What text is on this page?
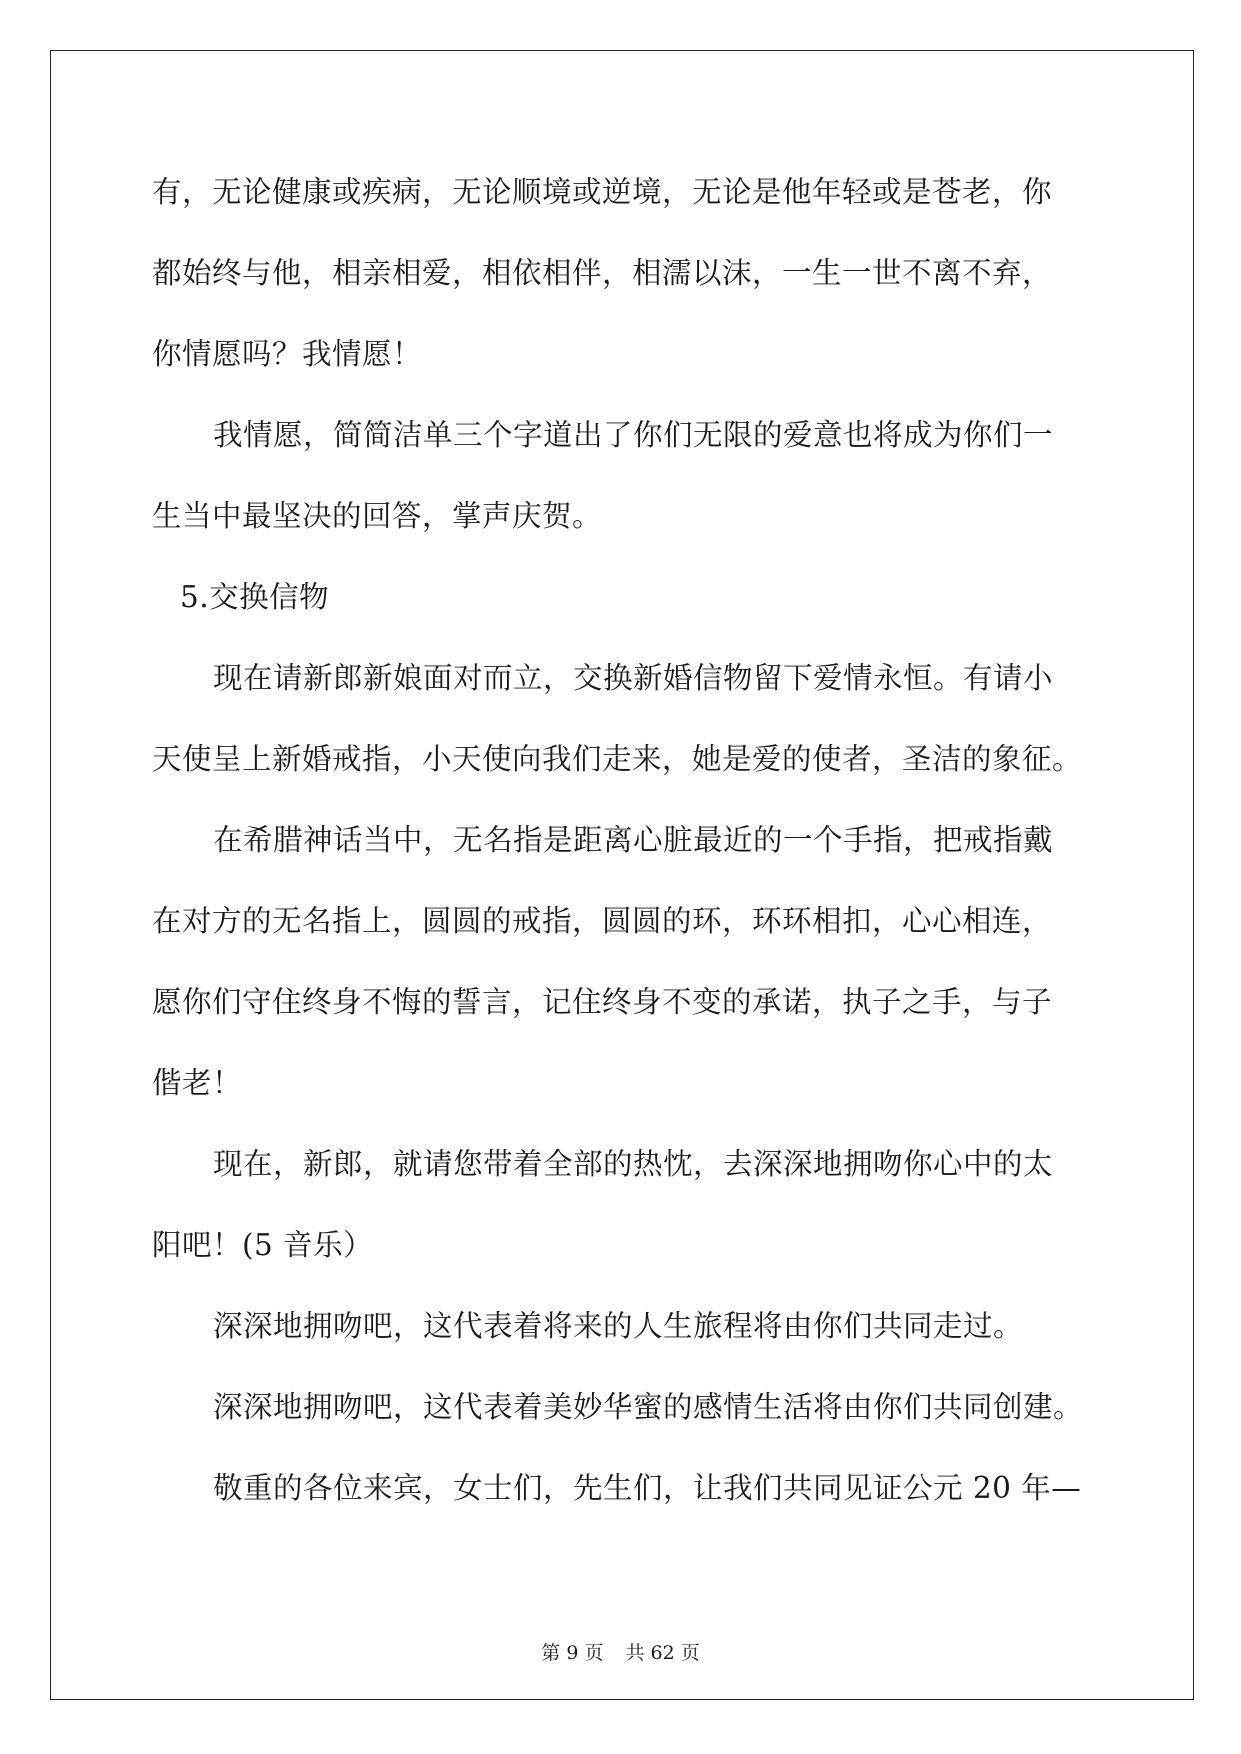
有，无论健康或疾病，无论顺境或逆境，无论是他年轻或是苍老，你
都始终与他，相亲相爱，相依相伴，相濡以沫，一生一世不离不弃，
你情愿吗？我情愿！
我情愿，简简洁单三个字道出了你们无限的爱意也将成为你们一
生当中最坚决的回答，掌声庆贺。
5.交换信物
现在请新郎新娘面对而立，交换新婚信物留下爱情永恒。有请小
天使呈上新婚戒指，小天使向我们走来，她是爱的使者，圣洁的象征。
在希腊神话当中，无名指是距离心脏最近的一个手指，把戒指戴
在对方的无名指上，圆圆的戒指，圆圆的环，环环相扣，心心相连，
愿你们守住终身不悔的誓言，记住终身不变的承诺，执子之手，与子
偕老！
现在，新郎，就请您带着全部的热忱，去深深地拥吻你心中的太
阳吧！(5 音乐）
深深地拥吻吧，这代表着将来的人生旅程将由你们共同走过。
深深地拥吻吧，这代表着美妙华蜜的感情生活将由你们共同创建。
敬重的各位来宾，女士们，先生们，让我们共同见证公元 20 年—
第 9 页 共 62 页
